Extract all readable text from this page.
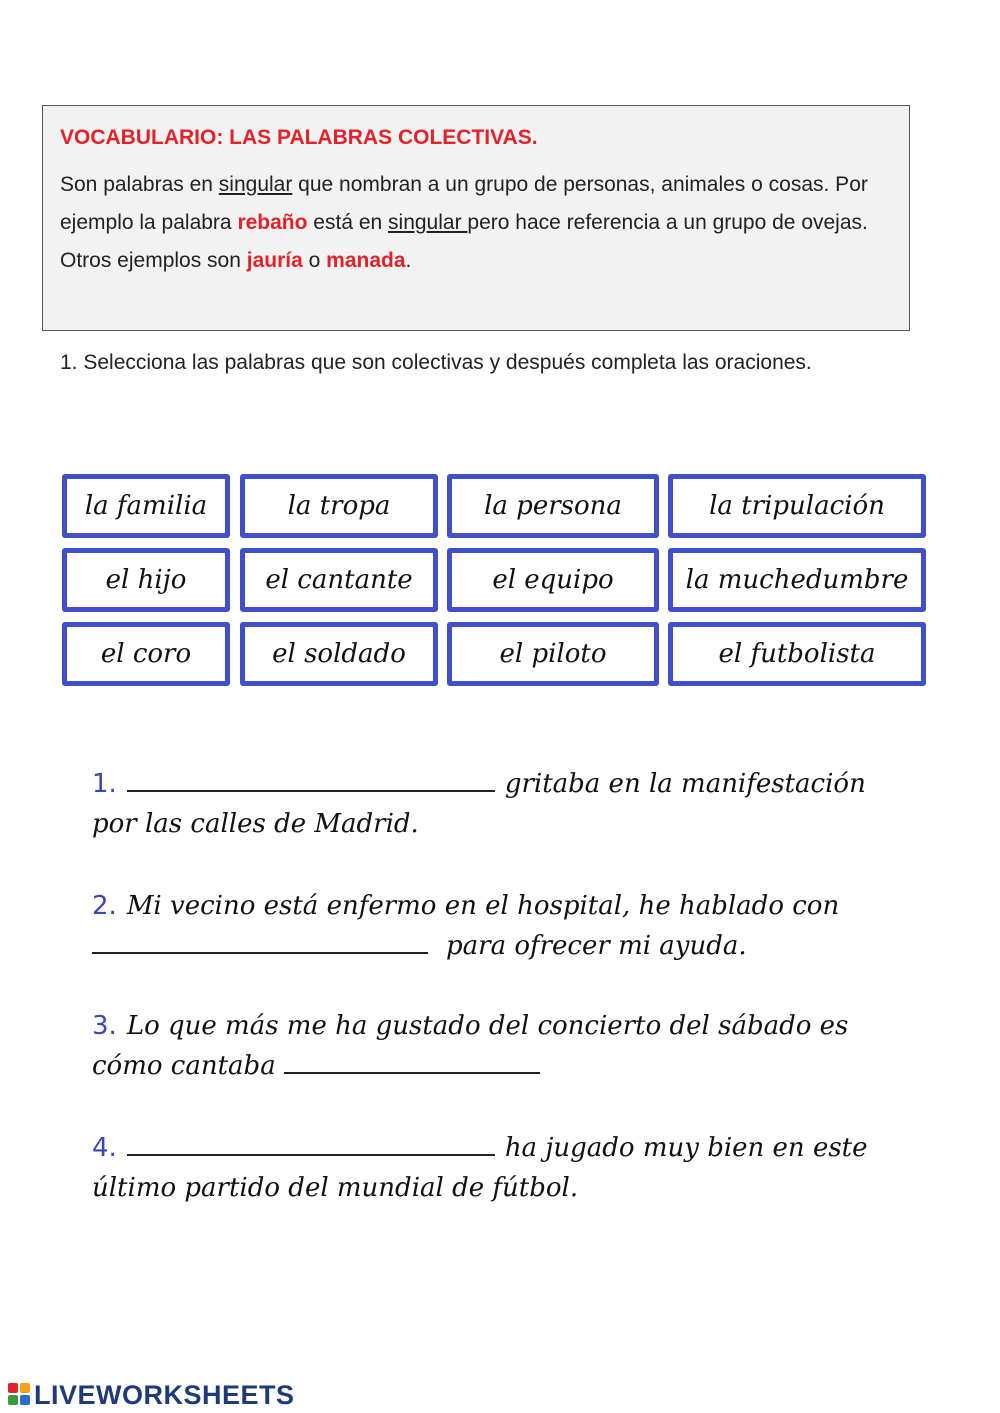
VOCABULARIO: LAS PALABRAS COLECTIVAS.
Son palabras en singular que nombran a un grupo de personas, animales o cosas. Por ejemplo la palabra rebaño está en singular pero hace referencia a un grupo de ovejas. Otros ejemplos son jauría o manada.
1. Selecciona las palabras que son colectivas y después completa las oraciones.
la familia	la tropa	la persona	la tripulación
el hijo	el cantante	el equipo	la muchedumbre
el coro	el soldado	el piloto	el futbolista
1.	gritaba en la manifestación por las calles de Madrid.
2. Mi vecino está enfermo en el hospital, he hablado con
para ofrecer mi ayuda.
3. Lo que más me ha gustado del concierto del sábado es cómo cantaba
4.	ha jugado muy bien en este último partido del mundial de fútbol.
LIVEWORKSHEETS
